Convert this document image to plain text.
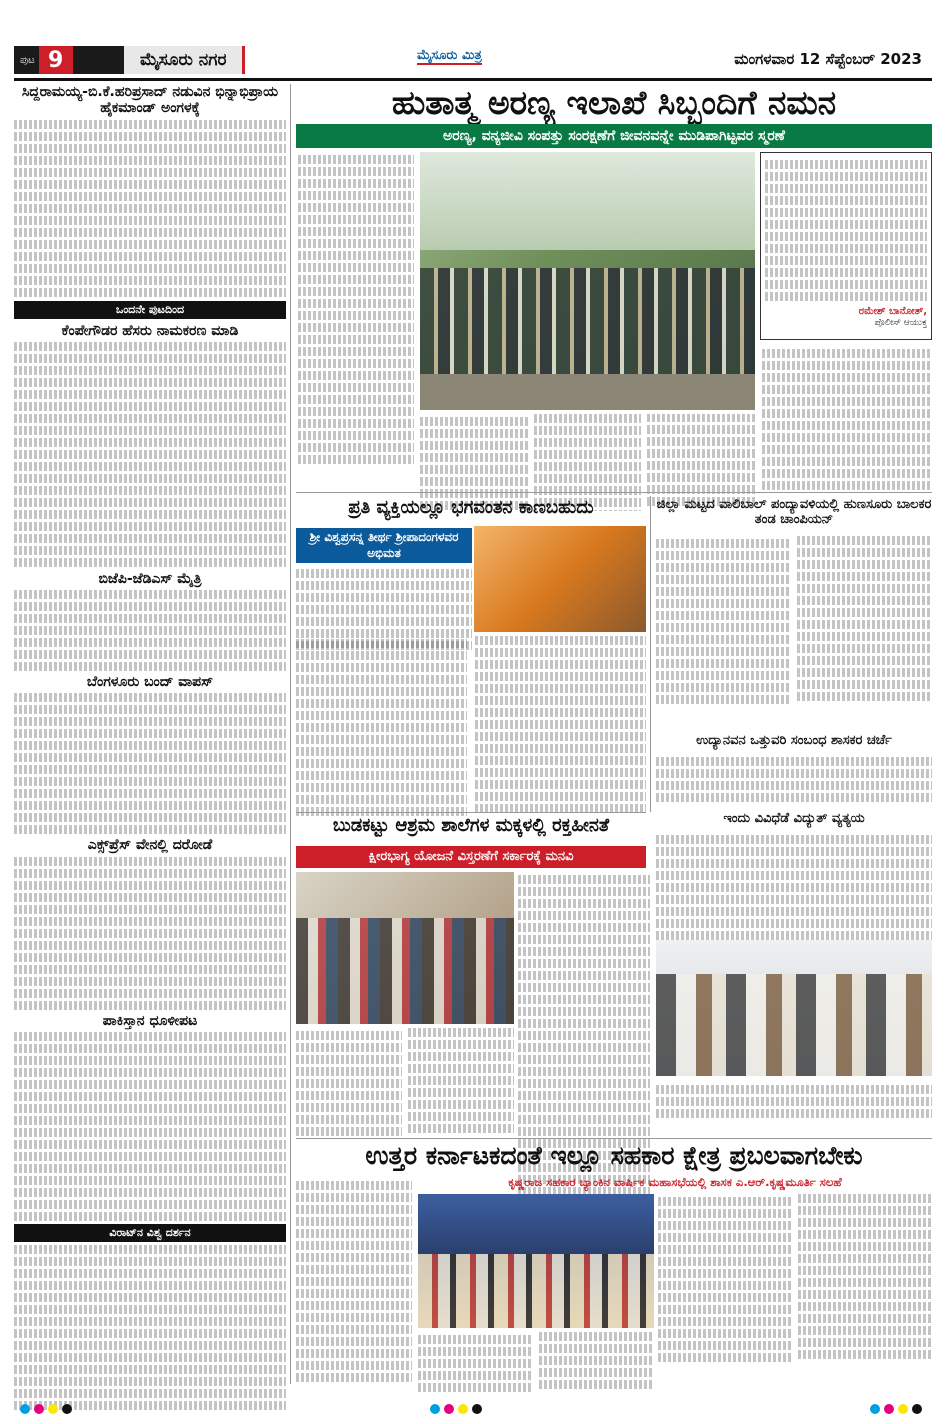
ಪುಟ 9	ಮೈಸೂರು ನಗರ	ಮೈಸೂರು ಮಿತ್ರ	ಮಂಗಳವಾರ 12 ಸೆಪ್ಟೆಂಬರ್ 2023
ಸಿದ್ದರಾಮಯ್ಯ-ಬಿ.ಕೆ.ಹರಿಪ್ರಸಾದ್ ನಡುವಿನ ಭಿನ್ನಾಭಿಪ್ರಾಯ ಹೈಕಮಾಂಡ್ ಅಂಗಳಕ್ಕೆ
ಒಂದನೇ ಪುಟದಿಂದ
ಕೆಂಪೇಗೌಡರ ಹೆಸರು ನಾಮಕರಣ ಮಾಡಿ
ಬಿಜೆಪಿ-ಜೆಡಿಎಸ್ ಮೈತ್ರಿ
ಬೆಂಗಳೂರು ಬಂದ್ ವಾಪಸ್
ಎಕ್ಸ್‌ಪ್ರೆಸ್ ವೇನಲ್ಲಿ ದರೋಡೆ
ಪಾಕಿಸ್ತಾನ ಧೂಳೀಪಟ
ವಿರಾಟ್‌ನ ವಿಶ್ವ ದರ್ಶನ
ಹುತಾತ್ಮ ಅರಣ್ಯ ಇಲಾಖೆ ಸಿಬ್ಬಂದಿಗೆ ನಮನ
ಅರಣ್ಯ, ವನ್ಯಜೀವಿ ಸಂಪತ್ತು ಸಂರಕ್ಷಣೆಗೆ ಜೀವನವನ್ನೇ ಮುಡಿಪಾಗಿಟ್ಟವರ ಸ್ಮರಣೆ
ರಮೇಶ್ ಬಾನೋತ್,
ಪೊಲೀಸ್ ಆಯುಕ್ತ
ಪ್ರತಿ ವ್ಯಕ್ತಿಯಲ್ಲೂ ಭಗವಂತನ ಕಾಣಬಹುದು
ಶ್ರೀ ವಿಶ್ವಪ್ರಸನ್ನ ತೀರ್ಥ ಶ್ರೀಪಾದಂಗಳವರ ಅಭಿಮತ
ಜಿಲ್ಲಾ ಮಟ್ಟದ ವಾಲಿಬಾಲ್ ಪಂದ್ಯಾವಳಿಯಲ್ಲಿ ಹುಣಸೂರು ಬಾಲಕರ ತಂಡ ಚಾಂಪಿಯನ್
ಉದ್ಯಾನವನ ಒತ್ತುವರಿ ಸಂಬಂಧ ಶಾಸಕರ ಚರ್ಚೆ
ಇಂದು ವಿವಿಧೆಡೆ ವಿದ್ಯುತ್ ವ್ಯತ್ಯಯ
ಬುಡಕಟ್ಟು ಆಶ್ರಮ ಶಾಲೆಗಳ ಮಕ್ಕಳಲ್ಲಿ ರಕ್ತಹೀನತೆ
ಕ್ಷೀರಭಾಗ್ಯ ಯೋಜನೆ ವಿಸ್ತರಣೆಗೆ ಸರ್ಕಾರಕ್ಕೆ ಮನವಿ
ಉತ್ತರ ಕರ್ನಾಟಕದಂತೆ ಇಲ್ಲೂ ಸಹಕಾರ ಕ್ಷೇತ್ರ ಪ್ರಬಲವಾಗಬೇಕು
ಕೃಷ್ಣರಾಜ ಸಹಕಾರ ಬ್ಯಾಂಕಿನ ವಾರ್ಷಿಕ ಮಹಾಸಭೆಯಲ್ಲಿ ಶಾಸಕ ಎ.ಆರ್.ಕೃಷ್ಣಮೂರ್ತಿ ಸಲಹೆ
